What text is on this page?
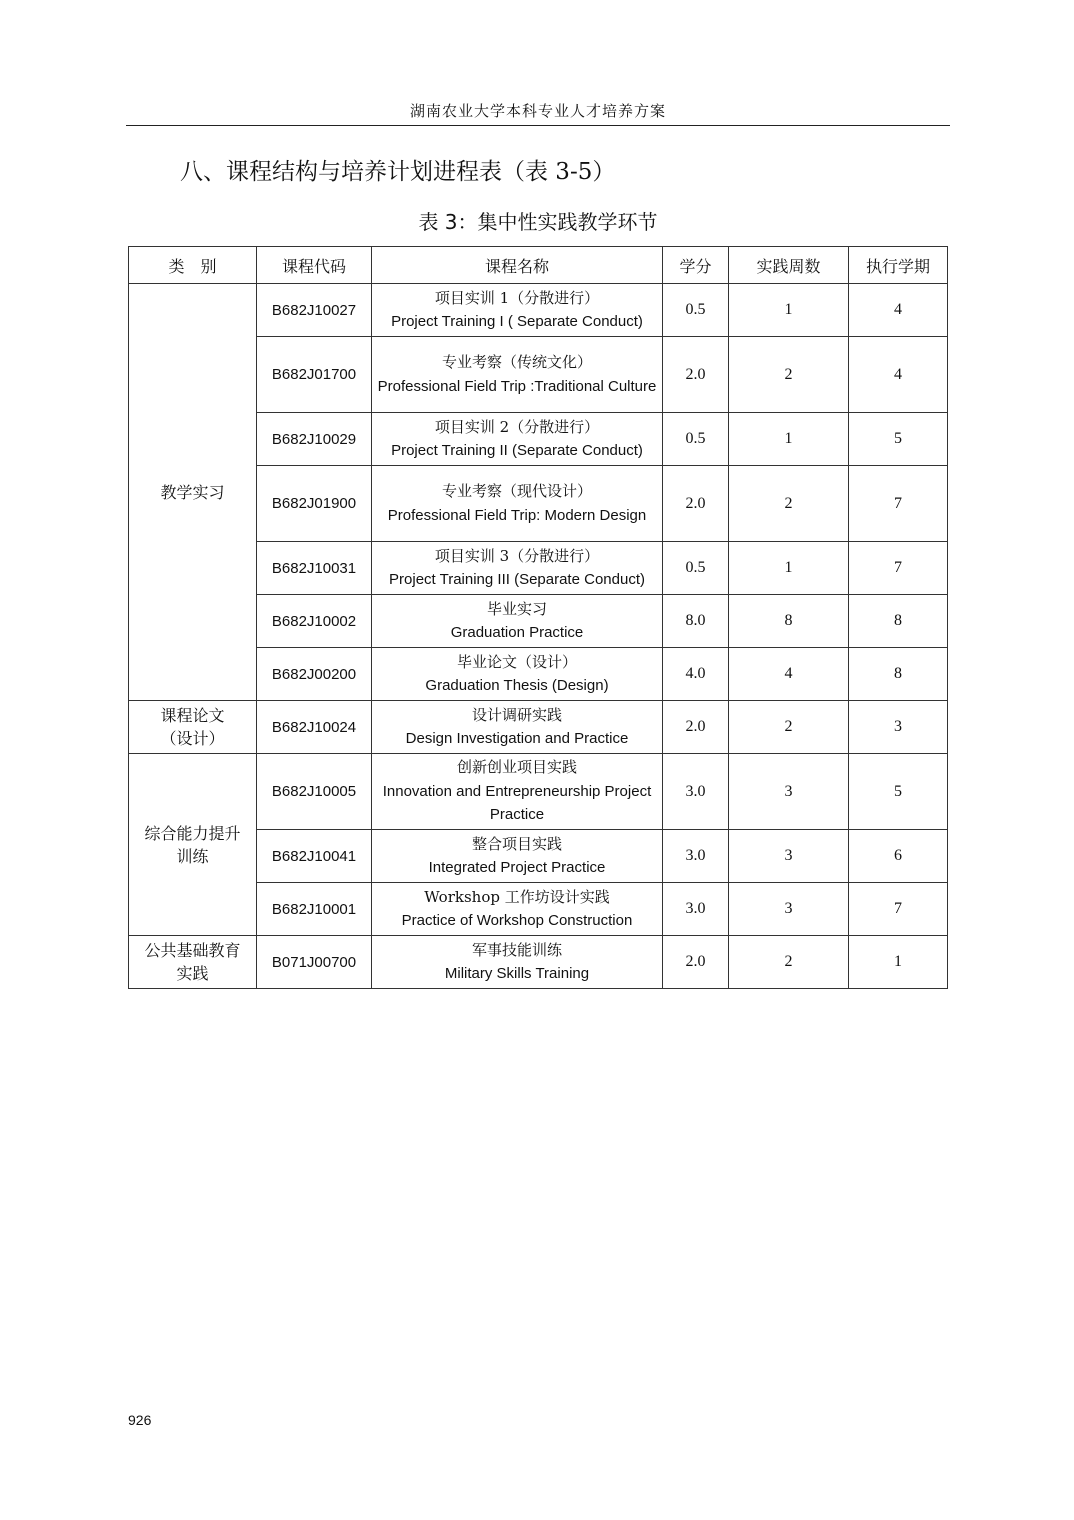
湖南农业大学本科专业人才培养方案
八、课程结构与培养计划进程表（表 3-5）
表 3：集中性实践教学环节
类　别	课程代码	课程名称	学分	实践周数	执行学期
教学实习	B682J10027	项目实训 1（分散进行）
Project Training I ( Separate Conduct)	0.5	1	4
	B682J01700	专业考察（传统文化）
Professional Field Trip :Traditional Culture	2.0	2	4
	B682J10029	项目实训 2（分散进行）
Project Training II (Separate Conduct)	0.5	1	5
	B682J01900	专业考察（现代设计）
Professional Field Trip: Modern Design	2.0	2	7
	B682J10031	项目实训 3（分散进行）
Project Training III (Separate Conduct)	0.5	1	7
	B682J10002	毕业实习
Graduation Practice	8.0	8	8
	B682J00200	毕业论文（设计）
Graduation Thesis (Design)	4.0	4	8
课程论文
（设计）	B682J10024	设计调研实践
Design Investigation and Practice	2.0	2	3
综合能力提升
训练	B682J10005	创新创业项目实践
Innovation and Entrepreneurship Project Practice	3.0	3	5
	B682J10041	整合项目实践
Integrated Project Practice	3.0	3	6
	B682J10001	Workshop 工作坊设计实践
Practice of Workshop Construction	3.0	3	7
公共基础教育
实践	B071J00700	军事技能训练
Military Skills Training	2.0	2	1
926
